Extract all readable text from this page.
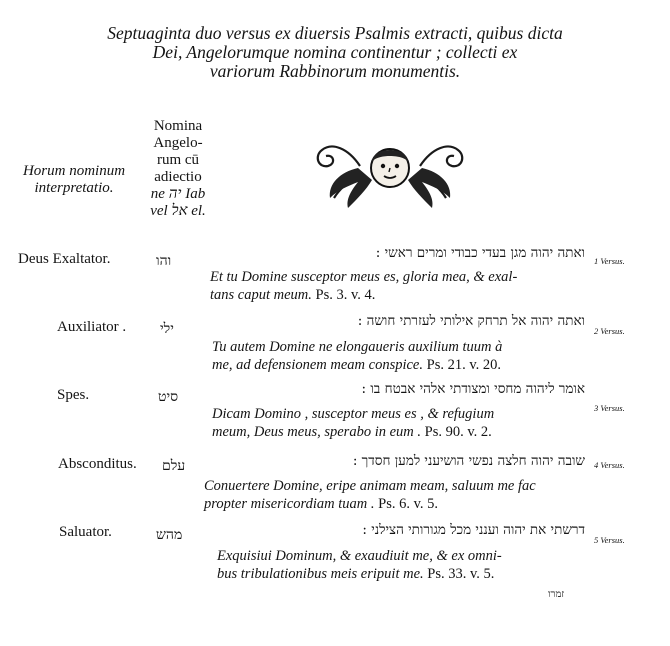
Septuaginta duo versus ex diuersis Psalmis extracti, quibus dicta
Dei, Angelorumque nomina continentur ; collecti ex
variorum Rabbinorum monumentis.
Horum nominum
interpretatio.
Nomina
Angelo-
rum cū
adiectio
ne יה Iab
vel אל el.
Deus Exaltator.	והו	ואתה יהוה מגן בעדי כבודי ומרים ראשי :
Et tu Domine susceptor meus es, gloria mea, & exal-
tans caput meum. Ps. 3. v. 4.
1 Versus.
Auxiliator . ילי	ואתה יהוה אל תרחק אילותי לעזרתי חושה :
Tu autem Domine ne elongaueris auxilium tuum à
me, ad defensionem meam conspice. Ps. 21. v. 20.
2 Versus.
Spes.	סיט	אומר ליהוה מחסי ומצודתי אלהי אבטח בו :
Dicam Domino , susceptor meus es , & refugium
meum, Deus meus, sperabo in eum . Ps. 90. v. 2.
3 Versus.
Absconditus. עלם	שובה יהוה חלצה נפשי הושיעני למען חסדך :
Conuertere Domine, eripe animam meam, saluum me fac
propter misericordiam tuam . Ps. 6. v. 5.
4 Versus.
Saluator.	מהש	דרשתי את יהוה וענני מכל מגורותי הצילני :
Exquisiui Dominum, & exaudiuit me, & ex omni-
bus tribulationibus meis eripuit me. Ps. 33. v. 5.
5 Versus.
זמרו
